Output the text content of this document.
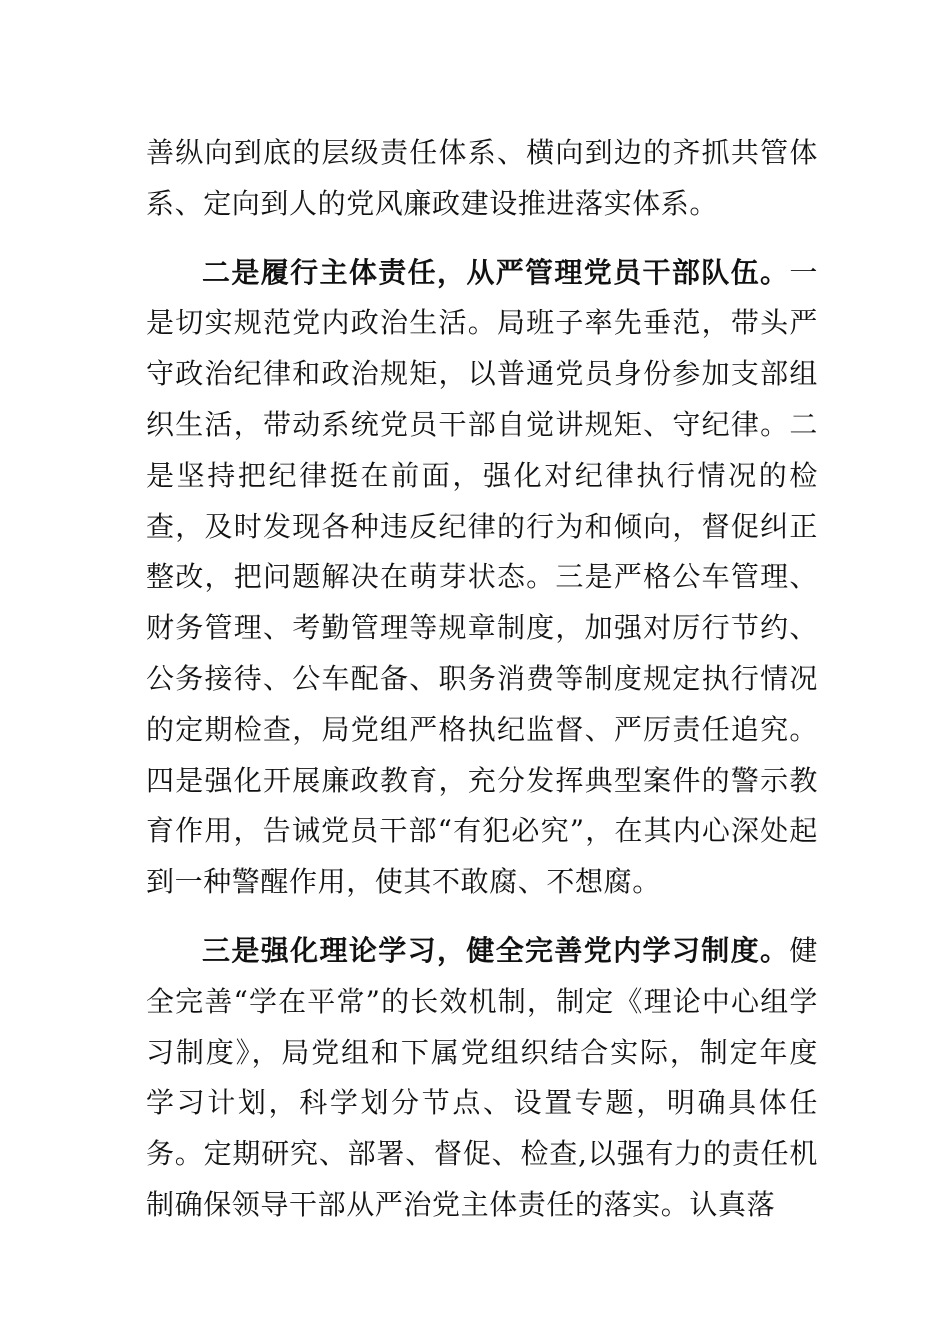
善纵向到底的层级责任体系、横向到边的齐抓共管体系、定向到人的党风廉政建设推进落实体系。

二是履行主体责任，从严管理党员干部队伍。一是切实规范党内政治生活。局班子率先垂范，带头严守政治纪律和政治规矩，以普通党员身份参加支部组织生活，带动系统党员干部自觉讲规矩、守纪律。二是坚持把纪律挺在前面，强化对纪律执行情况的检查，及时发现各种违反纪律的行为和倾向，督促纠正整改，把问题解决在萌芽状态。三是严格公车管理、财务管理、考勤管理等规章制度，加强对厉行节约、公务接待、公车配备、职务消费等制度规定执行情况的定期检查，局党组严格执纪监督、严厉责任追究。四是强化开展廉政教育，充分发挥典型案件的警示教育作用，告诫党员干部“有犯必究”，在其内心深处起到一种警醒作用，使其不敢腐、不想腐。

三是强化理论学习，健全完善党内学习制度。健全完善“学在平常”的长效机制，制定《理论中心组学习制度》，局党组和下属党组织结合实际，制定年度学习计划，科学划分节点、设置专题，明确具体任务。定期研究、部署、督促、检查,以强有力的责任机制确保领导干部从严治党主体责任的落实。认真落
